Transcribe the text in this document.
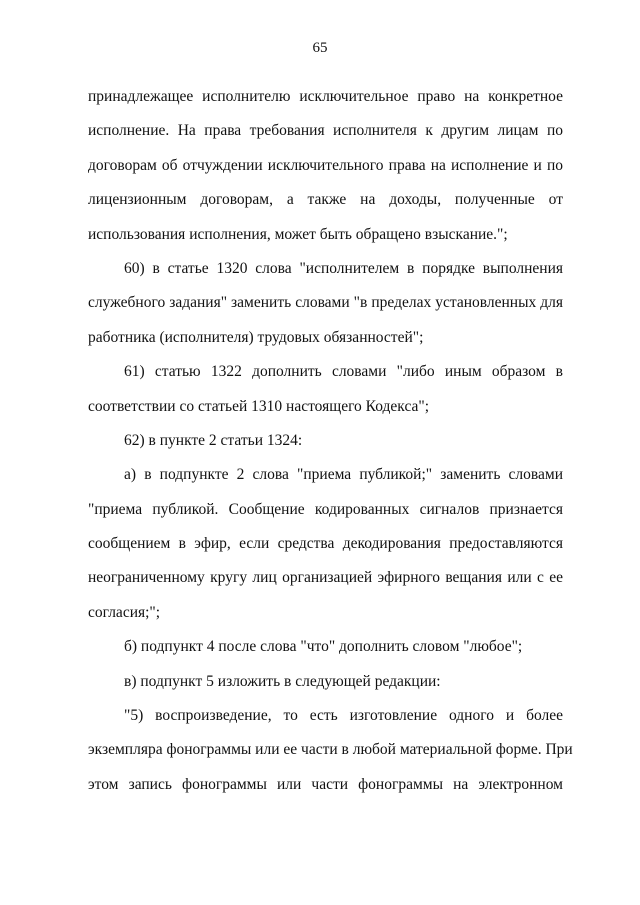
65
принадлежащее исполнителю исключительное право на конкретное
исполнение. На права требования исполнителя к другим лицам по
договорам об отчуждении исключительного права на исполнение и по
лицензионным договорам, а также на доходы, полученные от
использования исполнения, может быть обращено взыскание.";
60) в статье 1320 слова "исполнителем в порядке выполнения
служебного задания" заменить словами "в пределах установленных для
работника (исполнителя) трудовых обязанностей";
61) статью 1322 дополнить словами "либо иным образом в
соответствии со статьей 1310 настоящего Кодекса";
62) в пункте 2 статьи 1324:
а) в подпункте 2 слова "приема публикой;" заменить словами
"приема публикой. Сообщение кодированных сигналов признается
сообщением в эфир, если средства декодирования предоставляются
неограниченному кругу лиц организацией эфирного вещания или с ее
согласия;";
б) подпункт 4 после слова "что" дополнить словом "любое";
в) подпункт 5 изложить в следующей редакции:
"5) воспроизведение, то есть изготовление одного и более
экземпляра фонограммы или ее части в любой материальной форме. При
этом запись фонограммы или части фонограммы на электронном
